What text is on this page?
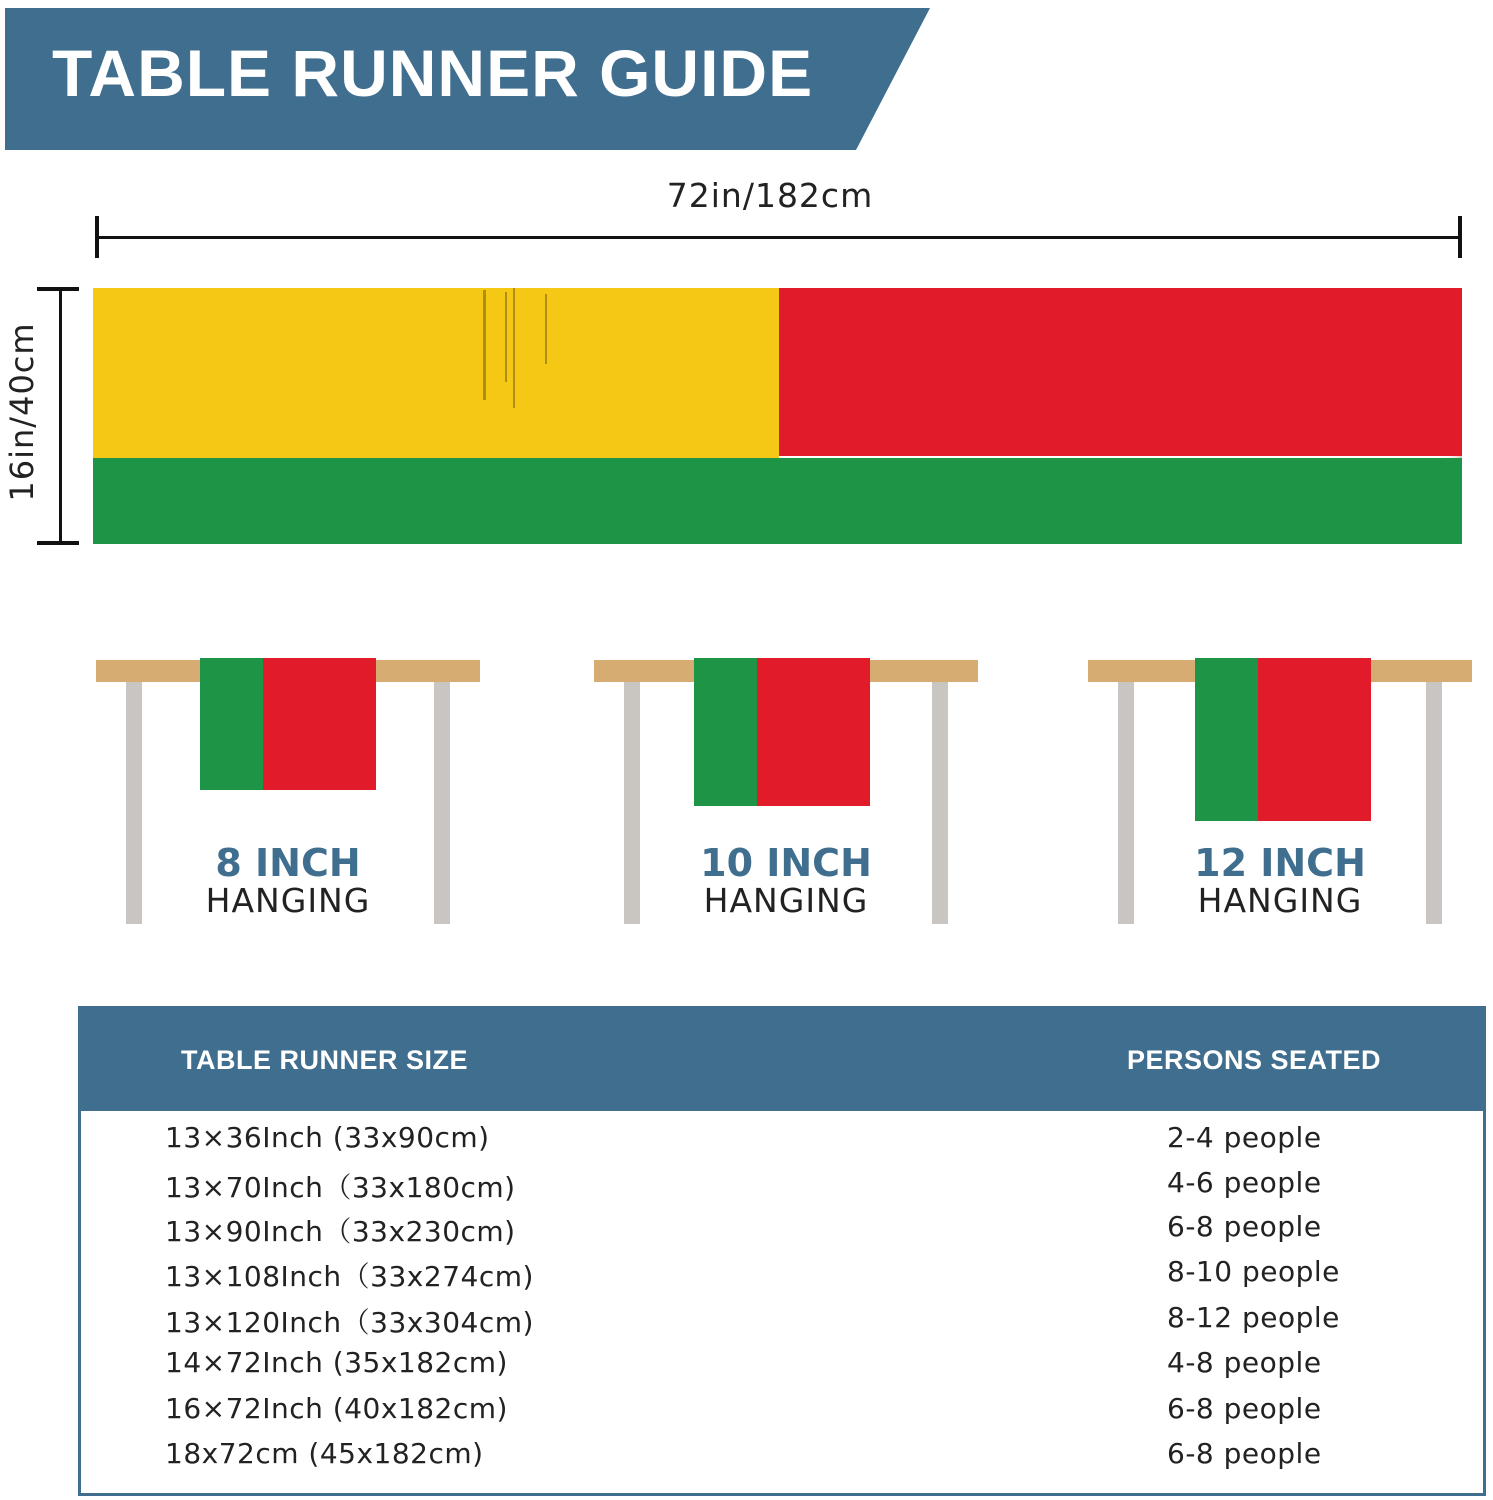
TABLE RUNNER GUIDE
72in/182cm
16in/40cm
8 INCH
HANGING
10 INCH
HANGING
12 INCH
HANGING
TABLE RUNNER SIZE	PERSONS SEATED
13×36Inch (33x90cm)	2-4 people
13×70Inch（33x180cm)	4-6 people
13×90Inch（33x230cm)	6-8 people
13×108Inch（33x274cm)	8-10 people
13×120Inch（33x304cm)	8-12 people
14×72Inch (35x182cm)	4-8 people
16×72Inch (40x182cm)	6-8 people
18x72cm (45x182cm)	6-8 people
